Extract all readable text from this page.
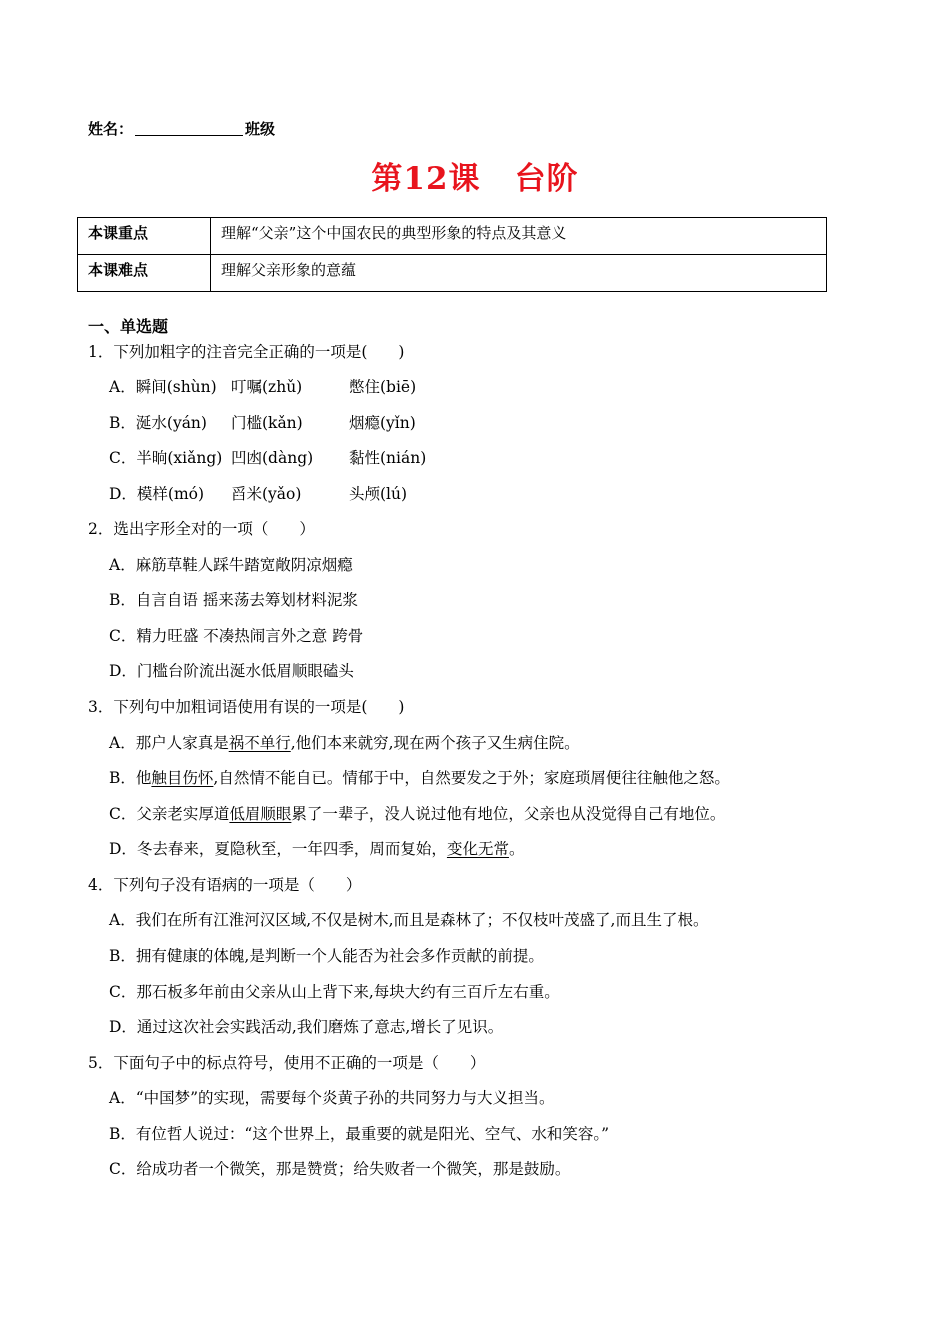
姓名：	班级
第12课 台阶
本课重点	理解“父亲”这个中国农民的典型形象的特点及其意义
本课难点	理解父亲形象的意蕴
一、单选题
1．下列加粗字的注音完全正确的一项是(　　)
A．瞬间(shùn) 叮嘱(zhǔ)	憋住(biē)
B．涎水(yán) 门槛(kǎn)	烟瘾(yǐn)
C．半晌(xiǎng) 凹凼(dàng) 黏性(nián)
D．模样(mó) 舀米(yǎo)	头颅(lú)
2．选出字形全对的一项（　　）
A．麻筋草鞋人踩牛踏宽敞阴凉烟瘾
B．自言自语 摇来荡去筹划材料泥浆
C．精力旺盛 不凑热闹言外之意 跨骨
D．门槛台阶流出涎水低眉顺眼磕头
3．下列句中加粗词语使用有误的一项是(　　)
A．那户人家真是祸不单行,他们本来就穷,现在两个孩子又生病住院。
B．他触目伤怀,自然情不能自已。情郁于中，自然要发之于外；家庭琐屑便往往触他之怒。
C．父亲老实厚道低眉顺眼累了一辈子，没人说过他有地位，父亲也从没觉得自己有地位。
D．冬去春来，夏隐秋至，一年四季，周而复始，变化无常。
4．下列句子没有语病的一项是（　　）
A．我们在所有江淮河汉区域,不仅是树木,而且是森林了；不仅枝叶茂盛了,而且生了根。
B．拥有健康的体魄,是判断一个人能否为社会多作贡献的前提。
C．那石板多年前由父亲从山上背下来,每块大约有三百斤左右重。
D．通过这次社会实践活动,我们磨炼了意志,增长了见识。
5．下面句子中的标点符号，使用不正确的一项是（　　）
A．“中国梦”的实现，需要每个炎黄子孙的共同努力与大义担当。
B．有位哲人说过：“这个世界上，最重要的就是阳光、空气、水和笑容。”
C．给成功者一个微笑，那是赞赏；给失败者一个微笑，那是鼓励。
